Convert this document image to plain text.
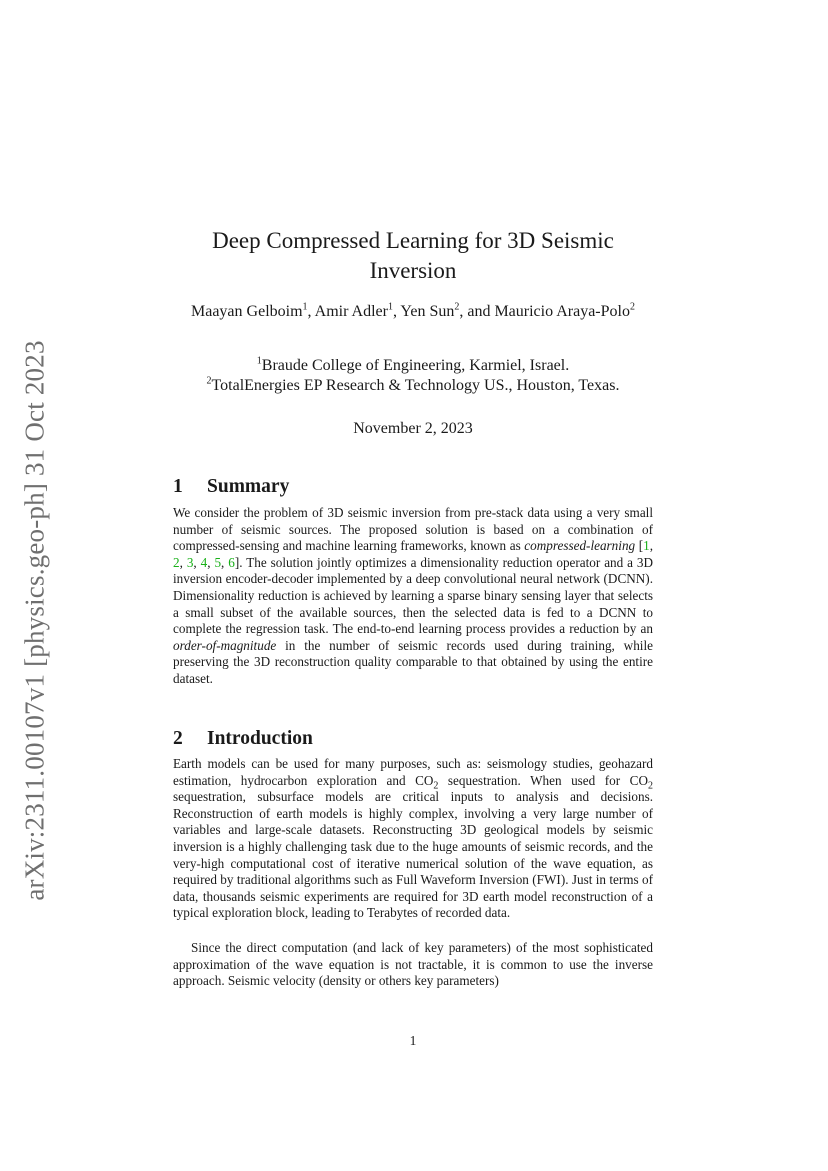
arXiv:2311.00107v1 [physics.geo-ph] 31 Oct 2023
Deep Compressed Learning for 3D Seismic Inversion
Maayan Gelboim$^1$, Amir Adler$^1$, Yen Sun$^2$, and Mauricio Araya-Polo$^2$
$^1$Braude College of Engineering, Karmiel, Israel.
$^2$TotalEnergies EP Research & Technology US., Houston, Texas.
November 2, 2023
1 Summary
We consider the problem of 3D seismic inversion from pre-stack data using a very small number of seismic sources. The proposed solution is based on a combination of compressed-sensing and machine learning frameworks, known as compressed-learning [1, 2, 3, 4, 5, 6]. The solution jointly optimizes a dimensionality reduction operator and a 3D inversion encoder-decoder implemented by a deep convolutional neural network (DCNN). Dimensionality reduction is achieved by learning a sparse binary sensing layer that selects a small subset of the available sources, then the selected data is fed to a DCNN to complete the regression task. The end-to-end learning process provides a reduction by an order-of-magnitude in the number of seismic records used during training, while preserving the 3D reconstruction quality comparable to that obtained by using the entire dataset.
2 Introduction
Earth models can be used for many purposes, such as: seismology studies, geohazard estimation, hydrocarbon exploration and $CO_2$ sequestration. When used for $CO_2$ sequestration, subsurface models are critical inputs to analysis and decisions. Reconstruction of earth models is highly complex, involving a very large number of variables and large-scale datasets. Reconstructing 3D geological models by seismic inversion is a highly challenging task due to the huge amounts of seismic records, and the very-high computational cost of iterative numerical solution of the wave equation, as required by traditional algorithms such as Full Waveform Inversion (FWI). Just in terms of data, thousands seismic experiments are required for 3D earth model reconstruction of a typical exploration block, leading to Terabytes of recorded data.
Since the direct computation (and lack of key parameters) of the most sophisticated approximation of the wave equation is not tractable, it is common to use the inverse approach. Seismic velocity (density or others key parameters)
1
